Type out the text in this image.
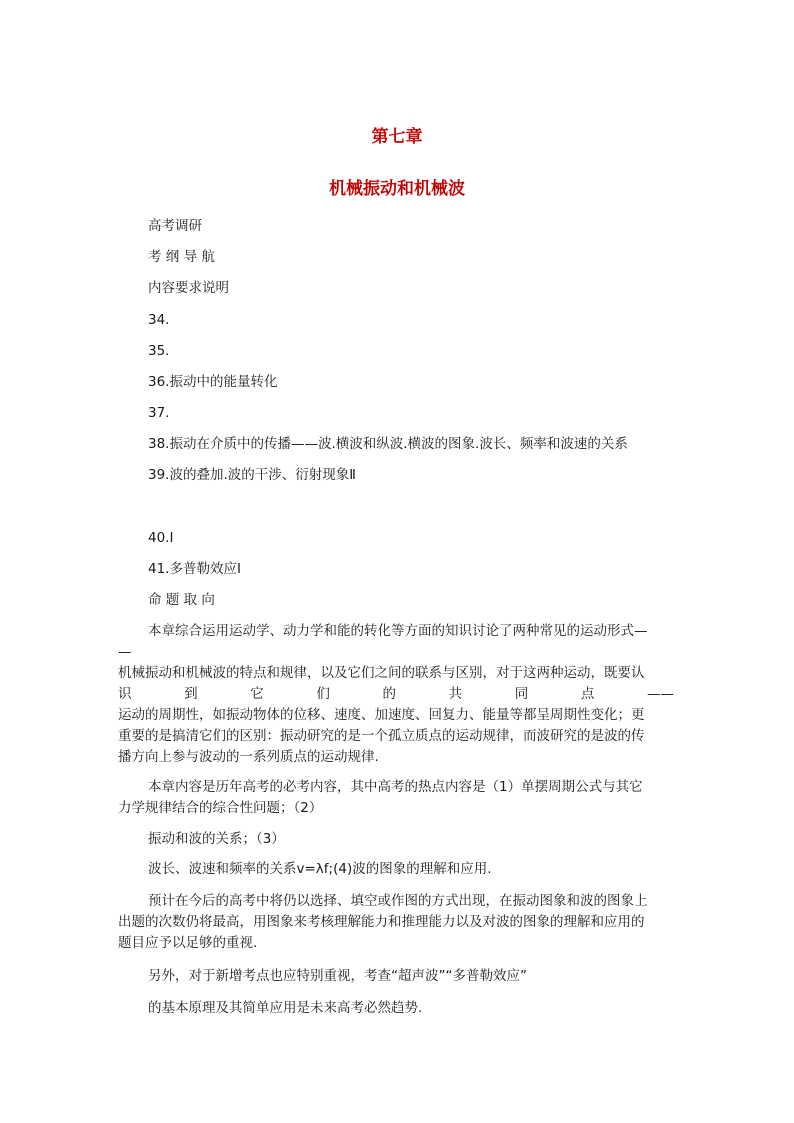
第七章
机械振动和机械波
高考调研
考 纲 导 航
内容要求说明
34.
35.
36.振动中的能量转化
37.
38.振动在介质中的传播——波.横波和纵波.横波的图象.波长、频率和波速的关系
39.波的叠加.波的干涉、衍射现象Ⅱ
40.Ⅰ
41.多普勒效应Ⅰ
命 题 取 向
本章综合运用运动学、动力学和能的转化等方面的知识讨论了两种常见的运动形式—
—
机械振动和机械波的特点和规律，以及它们之间的联系与区别，对于这两种运动，既要认
识	到	它	们	的	共	同	点	——
运动的周期性，如振动物体的位移、速度、加速度、回复力、能量等都呈周期性变化；更
重要的是搞清它们的区别：振动研究的是一个孤立质点的运动规律，而波研究的是波的传
播方向上参与波动的一系列质点的运动规律.
本章内容是历年高考的必考内容，其中高考的热点内容是（1）单摆周期公式与其它
力学规律结合的综合性问题；（2）
振动和波的关系；（3）
波长、波速和频率的关系v=λf;(4)波的图象的理解和应用.
预计在今后的高考中将仍以选择、填空或作图的方式出现，在振动图象和波的图象上
出题的次数仍将最高，用图象来考核理解能力和推理能力以及对波的图象的理解和应用的
题目应予以足够的重视.
另外，对于新增考点也应特别重视，考查“超声波”“多普勒效应”
的基本原理及其简单应用是未来高考必然趋势.
